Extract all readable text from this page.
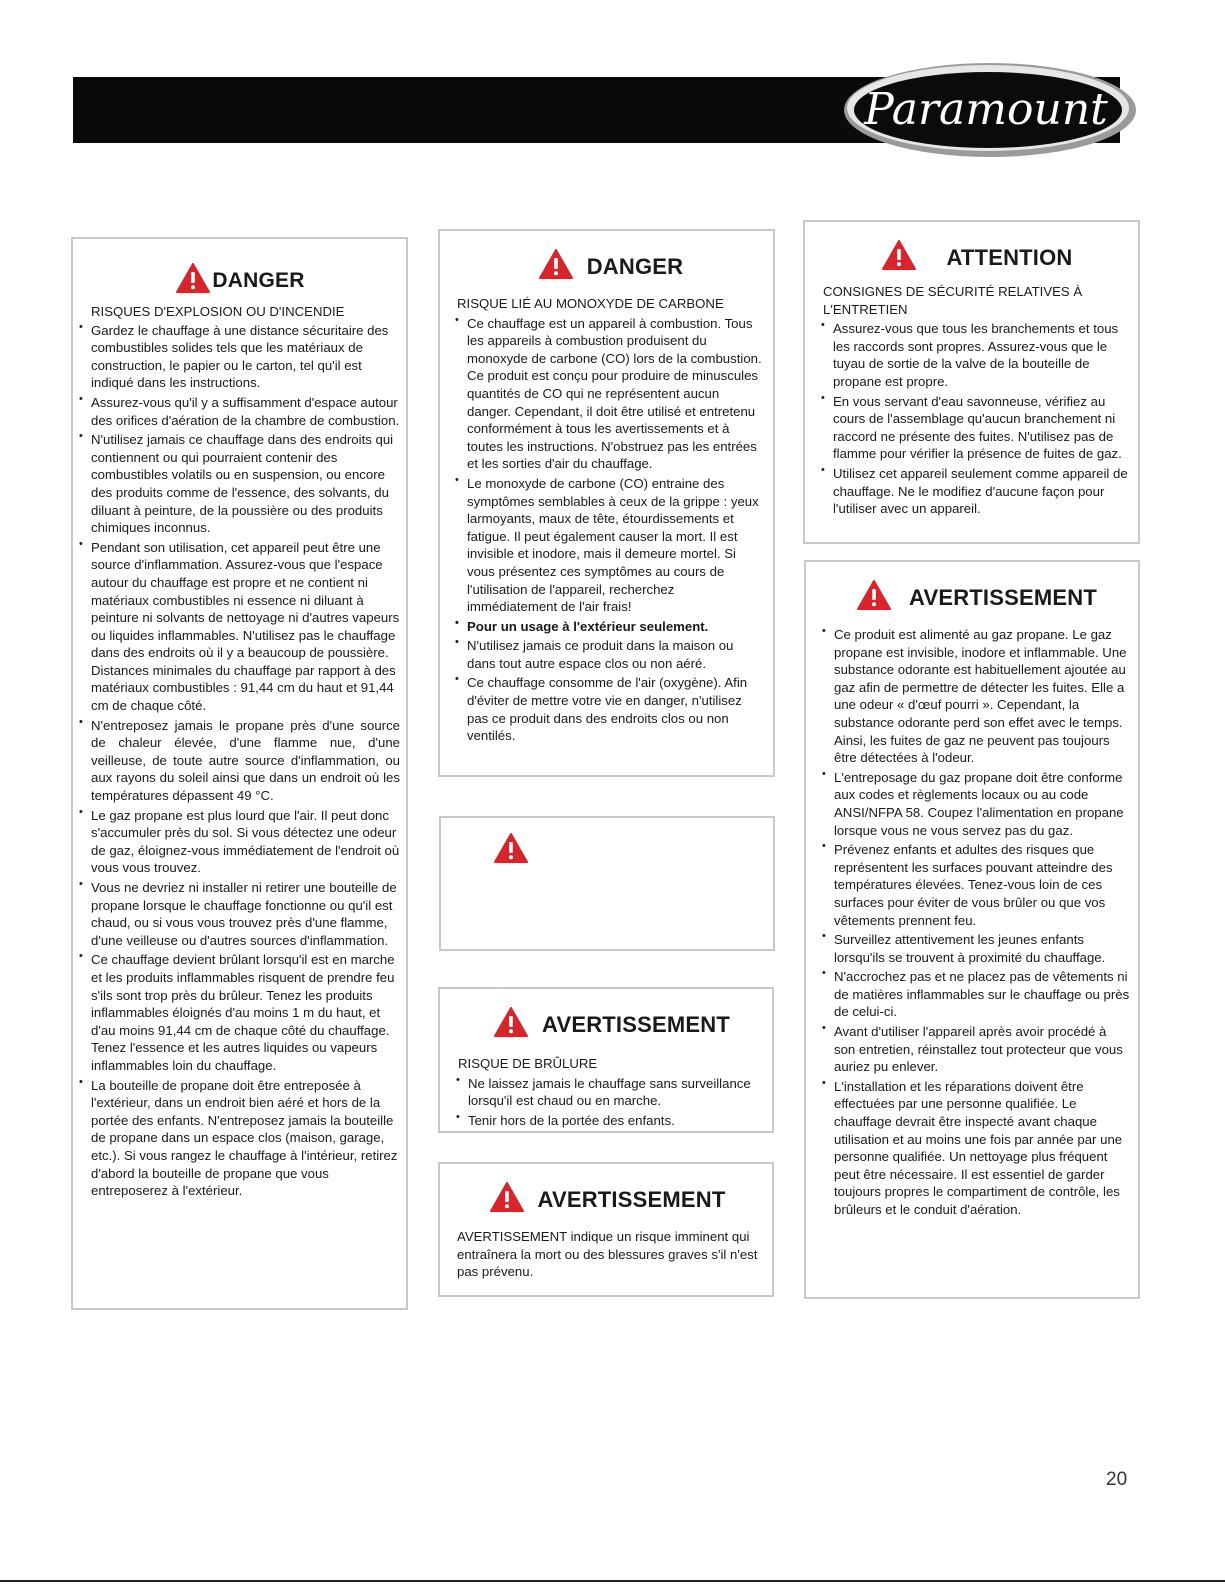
Paramount
DANGER
RISQUES D'EXPLOSION OU D'INCENDIE
• Gardez le chauffage à une distance sécuritaire des combustibles solides tels que les matériaux de construction, le papier ou le carton, tel qu'il est indiqué dans les instructions.
• Assurez-vous qu'il y a suffisamment d'espace autour des orifices d'aération de la chambre de combustion.
• N'utilisez jamais ce chauffage dans des endroits qui contiennent ou qui pourraient contenir des combustibles volatils ou en suspension, ou encore des produits comme de l'essence, des solvants, du diluant à peinture, de la poussière ou des produits chimiques inconnus.
• Pendant son utilisation, cet appareil peut être une source d'inflammation. Assurez-vous que l'espace autour du chauffage est propre et ne contient ni matériaux combustibles ni essence ni diluant à peinture ni solvants de nettoyage ni d'autres vapeurs ou liquides inflammables. N'utilisez pas le chauffage dans des endroits où il y a beaucoup de poussière. Distances minimales du chauffage par rapport à des matériaux combustibles : 91,44 cm du haut et 91,44 cm de chaque côté.
• N'entreposez jamais le propane près d'une source de chaleur élevée, d'une flamme nue, d'une veilleuse, de toute autre source d'inflammation, ou aux rayons du soleil ainsi que dans un endroit où les températures dépassent 49 °C.
• Le gaz propane est plus lourd que l'air. Il peut donc s'accumuler près du sol. Si vous détectez une odeur de gaz, éloignez-vous immédiatement de l'endroit où vous vous trouvez.
• Vous ne devriez ni installer ni retirer une bouteille de propane lorsque le chauffage fonctionne ou qu'il est chaud, ou si vous vous trouvez près d'une flamme, d'une veilleuse ou d'autres sources d'inflammation.
• Ce chauffage devient brûlant lorsqu'il est en marche et les produits inflammables risquent de prendre feu s'ils sont trop près du brûleur. Tenez les produits inflammables éloignés d'au moins 1 m du haut, et d'au moins 91,44 cm de chaque côté du chauffage. Tenez l'essence et les autres liquides ou vapeurs inflammables loin du chauffage.
• La bouteille de propane doit être entreposée à l'extérieur, dans un endroit bien aéré et hors de la portée des enfants. N'entreposez jamais la bouteille de propane dans un espace clos (maison, garage, etc.). Si vous rangez le chauffage à l'intérieur, retirez d'abord la bouteille de propane que vous entreposerez à l'extérieur.
DANGER
RISQUE LIÉ AU MONOXYDE DE CARBONE
• Ce chauffage est un appareil à combustion. Tous les appareils à combustion produisent du monoxyde de carbone (CO) lors de la combustion. Ce produit est conçu pour produire de minuscules quantités de CO qui ne représentent aucun danger. Cependant, il doit être utilisé et entretenu conformément à tous les avertissements et à toutes les instructions. N'obstruez pas les entrées et les sorties d'air du chauffage.
• Le monoxyde de carbone (CO) entraine des symptômes semblables à ceux de la grippe : yeux larmoyants, maux de tête, étourdissements et fatigue. Il peut également causer la mort. Il est invisible et inodore, mais il demeure mortel. Si vous présentez ces symptômes au cours de l'utilisation de l'appareil, recherchez immédiatement de l'air frais!
• Pour un usage à l'extérieur seulement.
• N'utilisez jamais ce produit dans la maison ou dans tout autre espace clos ou non aéré.
• Ce chauffage consomme de l'air (oxygène). Afin d'éviter de mettre votre vie en danger, n'utilisez pas ce produit dans des endroits clos ou non ventilés.
AVERTISSEMENT
RISQUE DE BRÛLURE
• Ne laissez jamais le chauffage sans surveillance lorsqu'il est chaud ou en marche.
• Tenir hors de la portée des enfants.
AVERTISSEMENT
AVERTISSEMENT indique un risque imminent qui entraînera la mort ou des blessures graves s'il n'est pas prévenu.
ATTENTION
CONSIGNES DE SÉCURITÉ RELATIVES À L'ENTRETIEN
• Assurez-vous que tous les branchements et tous les raccords sont propres. Assurez-vous que le tuyau de sortie de la valve de la bouteille de propane est propre.
• En vous servant d'eau savonneuse, vérifiez au cours de l'assemblage qu'aucun branchement ni raccord ne présente des fuites. N'utilisez pas de flamme pour vérifier la présence de fuites de gaz.
• Utilisez cet appareil seulement comme appareil de chauffage. Ne le modifiez d'aucune façon pour l'utiliser avec un appareil.
AVERTISSEMENT
• Ce produit est alimenté au gaz propane. Le gaz propane est invisible, inodore et inflammable. Une substance odorante est habituellement ajoutée au gaz afin de permettre de détecter les fuites. Elle a une odeur « d'œuf pourri ». Cependant, la substance odorante perd son effet avec le temps. Ainsi, les fuites de gaz ne peuvent pas toujours être détectées à l'odeur.
• L'entreposage du gaz propane doit être conforme aux codes et règlements locaux ou au code ANSI/NFPA 58. Coupez l'alimentation en propane lorsque vous ne vous servez pas du gaz.
• Prévenez enfants et adultes des risques que représentent les surfaces pouvant atteindre des températures élevées. Tenez-vous loin de ces surfaces pour éviter de vous brûler ou que vos vêtements prennent feu.
• Surveillez attentivement les jeunes enfants lorsqu'ils se trouvent à proximité du chauffage.
• N'accrochez pas et ne placez pas de vêtements ni de matières inflammables sur le chauffage ou près de celui-ci.
• Avant d'utiliser l'appareil après avoir procédé à son entretien, réinstallez tout protecteur que vous auriez pu enlever.
• L'installation et les réparations doivent être effectuées par une personne qualifiée. Le chauffage devrait être inspecté avant chaque utilisation et au moins une fois par année par une personne qualifiée. Un nettoyage plus fréquent peut être nécessaire. Il est essentiel de garder toujours propres le compartiment de contrôle, les brûleurs et le conduit d'aération.
20
